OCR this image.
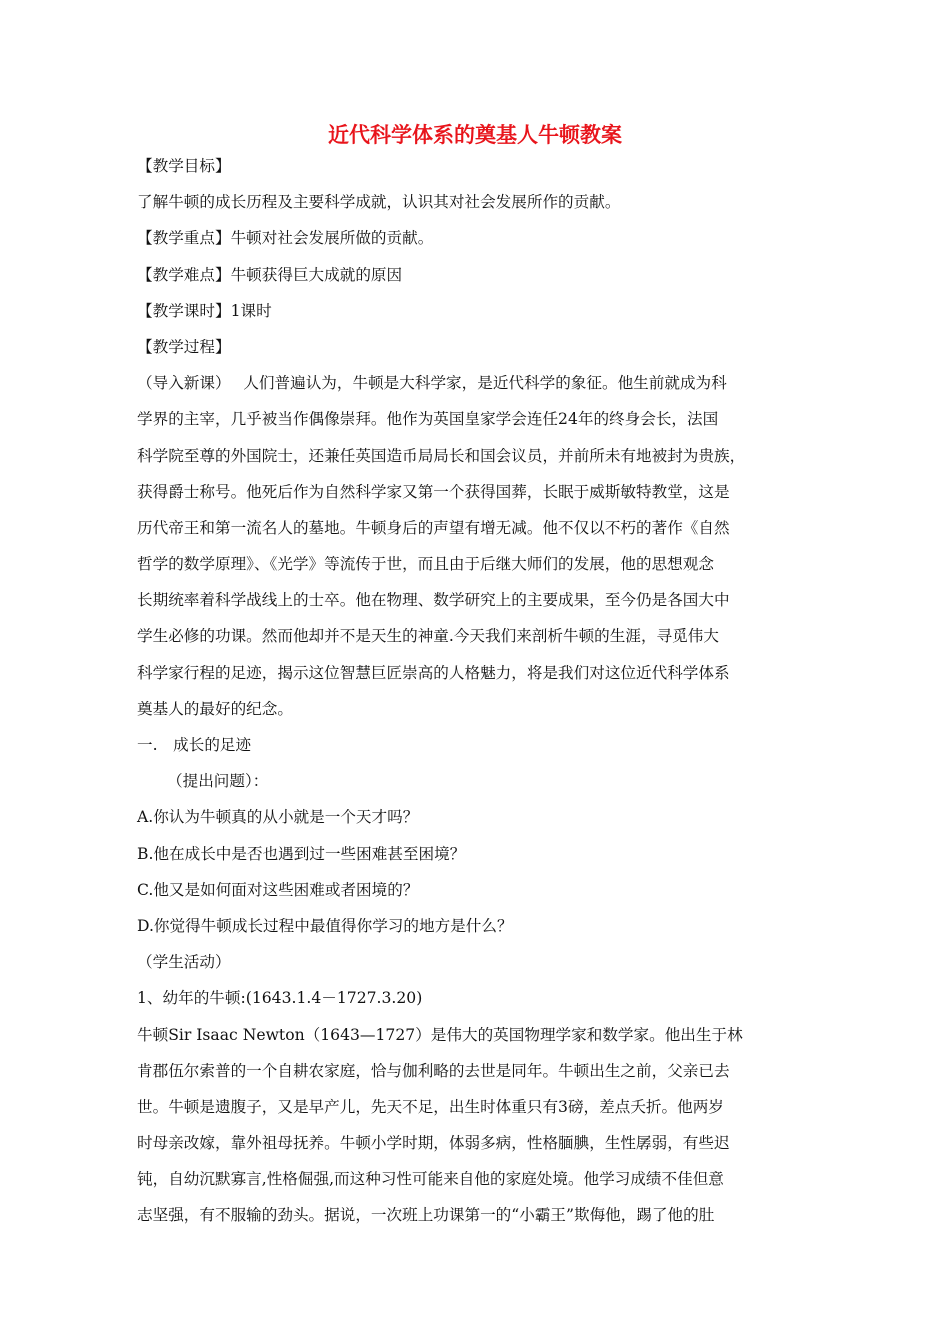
近代科学体系的奠基人牛顿教案
【教学目标】
了解牛顿的成长历程及主要科学成就，认识其对社会发展所作的贡献。
【教学重点】牛顿对社会发展所做的贡献。
【教学难点】牛顿获得巨大成就的原因
【教学课时】1课时
【教学过程】
（导入新课）　 人们普遍认为，牛顿是大科学家，是近代科学的象征。他生前就成为科
学界的主宰，几乎被当作偶像崇拜。他作为英国皇家学会连任24年的终身会长，法国
科学院至尊的外国院士，还兼任英国造币局局长和国会议员，并前所未有地被封为贵族，
获得爵士称号。他死后作为自然科学家又第一个获得国葬，长眠于威斯敏特教堂，这是
历代帝王和第一流名人的墓地。牛顿身后的声望有增无减。他不仅以不朽的著作《自然
哲学的数学原理》、《光学》等流传于世，而且由于后继大师们的发展，他的思想观念
长期统率着科学战线上的士卒。他在物理、数学研究上的主要成果，至今仍是各国大中
学生必修的功课。然而他却并不是天生的神童.今天我们来剖析牛顿的生涯，寻觅伟大
科学家行程的足迹，揭示这位智慧巨匠崇高的人格魅力，将是我们对这位近代科学体系
奠基人的最好的纪念。
一.　成长的足迹
（提出问题）：
A.你认为牛顿真的从小就是一个天才吗？
B.他在成长中是否也遇到过一些困难甚至困境？
C.他又是如何面对这些困难或者困境的？
D.你觉得牛顿成长过程中最值得你学习的地方是什么？
（学生活动）
1、幼年的牛顿:(1643.1.4－1727.3.20)
牛顿Sir Isaac Newton（1643—1727）是伟大的英国物理学家和数学家。他出生于林
肯郡伍尔索普的一个自耕农家庭，恰与伽利略的去世是同年。牛顿出生之前，父亲已去
世。牛顿是遗腹子，又是早产儿，先天不足，出生时体重只有3磅，差点夭折。他两岁
时母亲改嫁，靠外祖母抚养。牛顿小学时期，体弱多病，性格腼腆，生性孱弱，有些迟
钝，自幼沉默寡言,性格倔强,而这种习性可能来自他的家庭处境。他学习成绩不佳但意
志坚强，有不服输的劲头。据说，一次班上功课第一的“小霸王”欺侮他，踢了他的肚
